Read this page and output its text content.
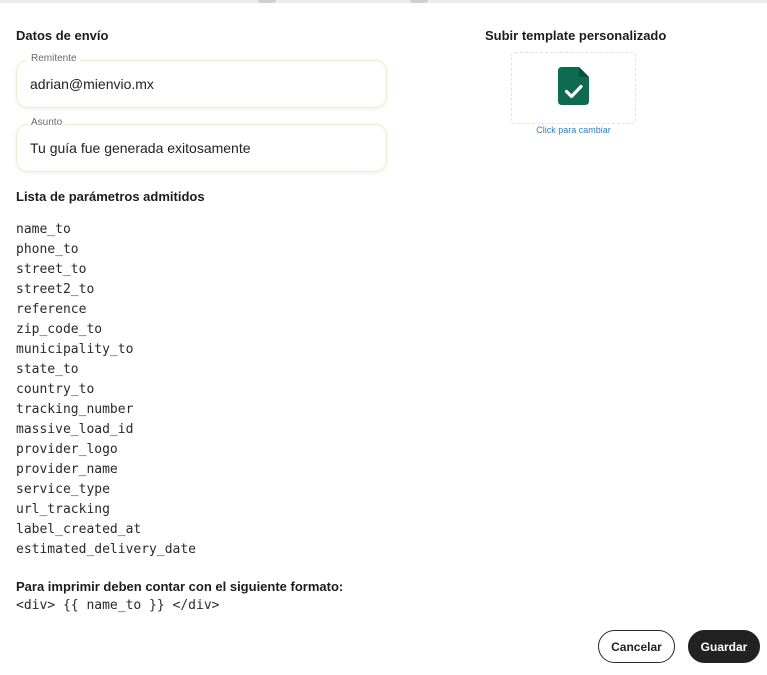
Datos de envío
Remitente
adrian@mienvio.mx
Asunto
Tu guía fue generada exitosamente
Lista de parámetros admitidos
name_to
phone_to
street_to
street2_to
reference
zip_code_to
municipality_to
state_to
country_to
tracking_number
massive_load_id
provider_logo
provider_name
service_type
url_tracking
label_created_at
estimated_delivery_date
Para imprimir deben contar con el siguiente formato:
<div> {{ name_to }} </div>
Subir template personalizado
Click para cambiar
Cancelar	Guardar
